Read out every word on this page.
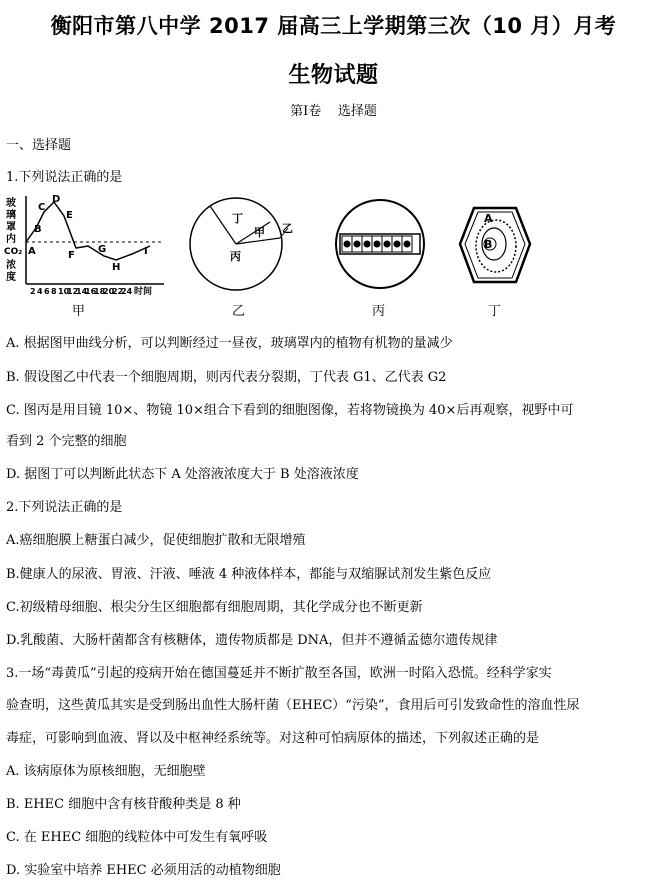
衡阳市第八中学 2017 届高三上学期第三次（10 月）月考
生物试题
第Ⅰ卷    选择题
一、选择题
1.下列说法正确的是
玻
璃
罩
内
CO₂
浓
度
A
B
C
D
E
F
G
H
I
2 4 6 8 10
12
14
16
18
20
22
24 时间
甲
丁
甲 乙
丙
乙	丙
A
B
丁
A. 根据图甲曲线分析，可以判断经过一昼夜，玻璃罩内的植物有机物的量减少
B. 假设图乙中代表一个细胞周期，则丙代表分裂期，丁代表 G1、乙代表 G2
C. 图丙是用目镜 10×、物镜 10×组合下看到的细胞图像，若将物镜换为 40×后再观察，视野中可
看到 2 个完整的细胞
D. 据图丁可以判断此状态下 A 处溶液浓度大于 B 处溶液浓度
2.下列说法正确的是
A.癌细胞膜上糖蛋白减少，促使细胞扩散和无限增殖
B.健康人的尿液、胃液、汗液、唾液 4 种液体样本，都能与双缩脲试剂发生紫色反应
C.初级精母细胞、根尖分生区细胞都有细胞周期，其化学成分也不断更新
D.乳酸菌、大肠杆菌都含有核糖体，遗传物质都是 DNA，但并不遵循孟德尔遗传规律
3.一场“毒黄瓜”引起的疫病开始在德国蔓延并不断扩散至各国，欧洲一时陷入恐慌。经科学家实
验查明，这些黄瓜其实是受到肠出血性大肠杆菌（EHEC）“污染”，食用后可引发致命性的溶血性尿
毒症，可影响到血液、肾以及中枢神经系统等。对这种可怕病原体的描述，下列叙述正确的是
A. 该病原体为原核细胞，无细胞壁
B. EHEC 细胞中含有核苷酸种类是 8 种
C. 在 EHEC 细胞的线粒体中可发生有氧呼吸
D. 实验室中培养 EHEC 必须用活的动植物细胞
